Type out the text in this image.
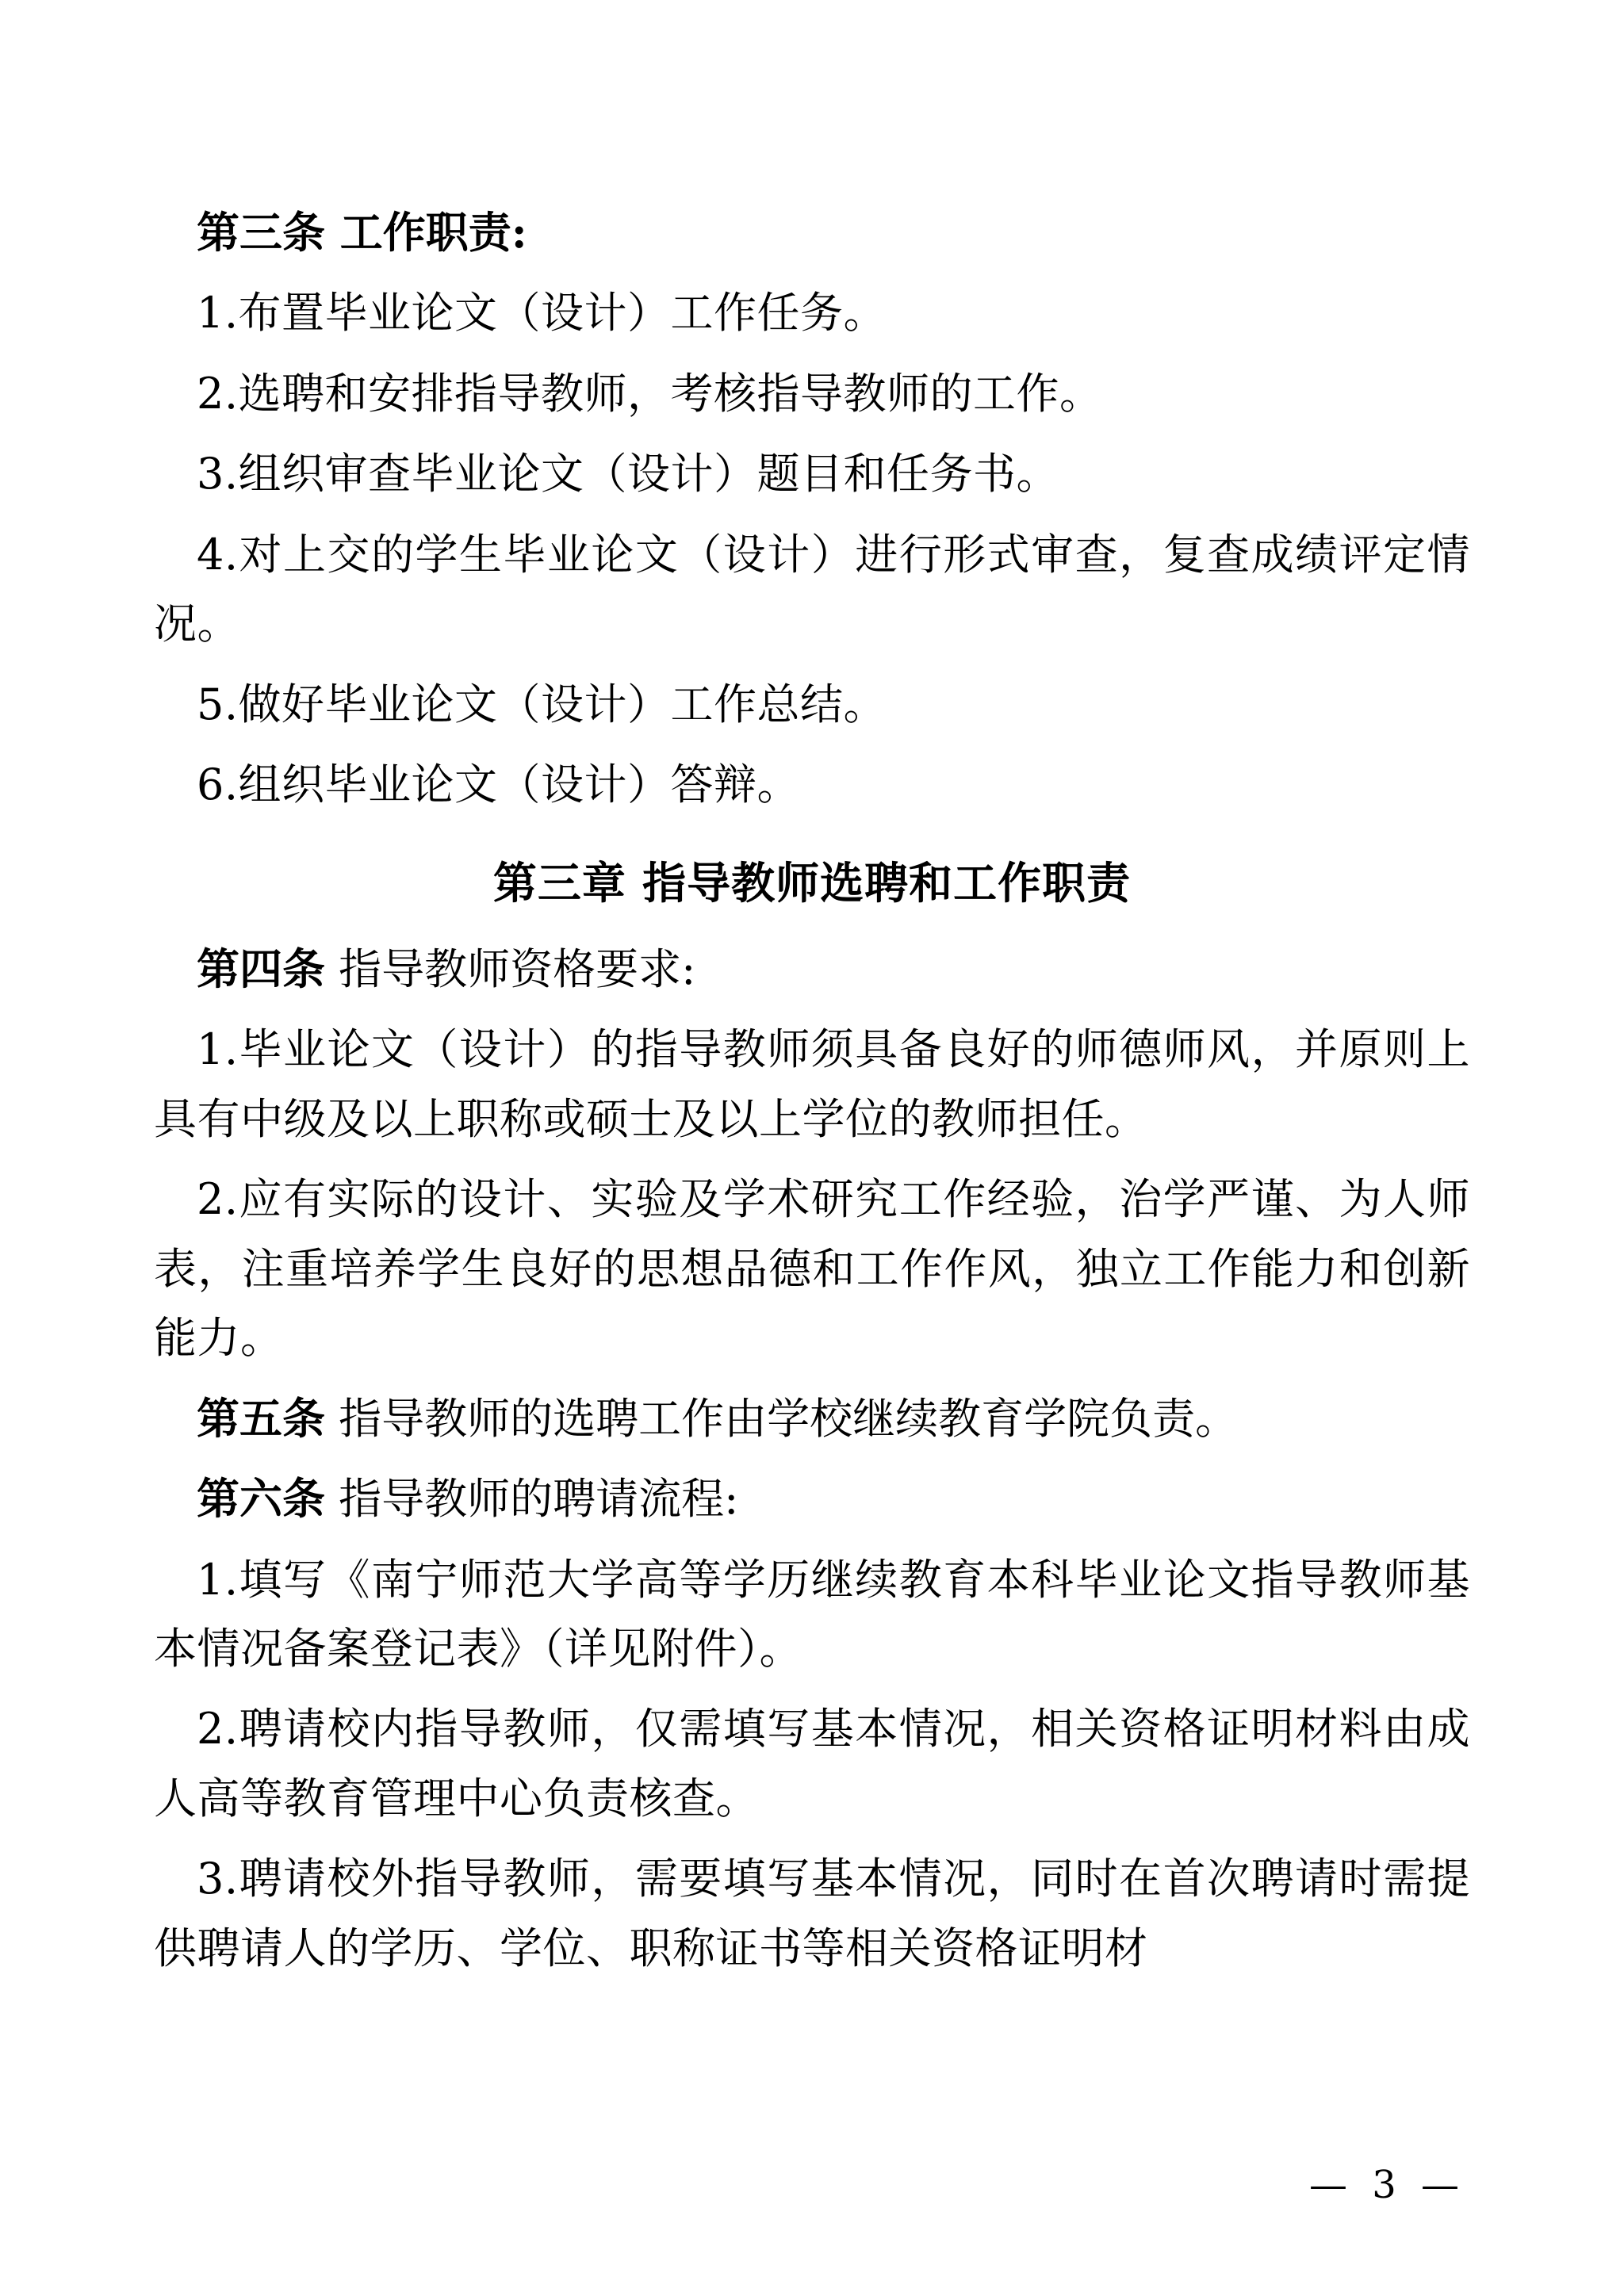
第三条 工作职责:

1.布置毕业论文（设计）工作任务。

2.选聘和安排指导教师，考核指导教师的工作。

3.组织审查毕业论文（设计）题目和任务书。

4.对上交的学生毕业论文（设计）进行形式审查，复查成绩评定情况。

5.做好毕业论文（设计）工作总结。

6.组织毕业论文（设计）答辩。

第三章 指导教师选聘和工作职责

第四条 指导教师资格要求:

1.毕业论文（设计）的指导教师须具备良好的师德师风，并原则上具有中级及以上职称或硕士及以上学位的教师担任。

2.应有实际的设计、实验及学术研究工作经验，治学严谨、为人师表，注重培养学生良好的思想品德和工作作风，独立工作能力和创新能力。

第五条 指导教师的选聘工作由学校继续教育学院负责。

第六条 指导教师的聘请流程:

1.填写《南宁师范大学高等学历继续教育本科毕业论文指导教师基本情况备案登记表》（详见附件）。

2.聘请校内指导教师，仅需填写基本情况，相关资格证明材料由成人高等教育管理中心负责核查。

3.聘请校外指导教师，需要填写基本情况，同时在首次聘请时需提供聘请人的学历、学位、职称证书等相关资格证明材

— 3 —
